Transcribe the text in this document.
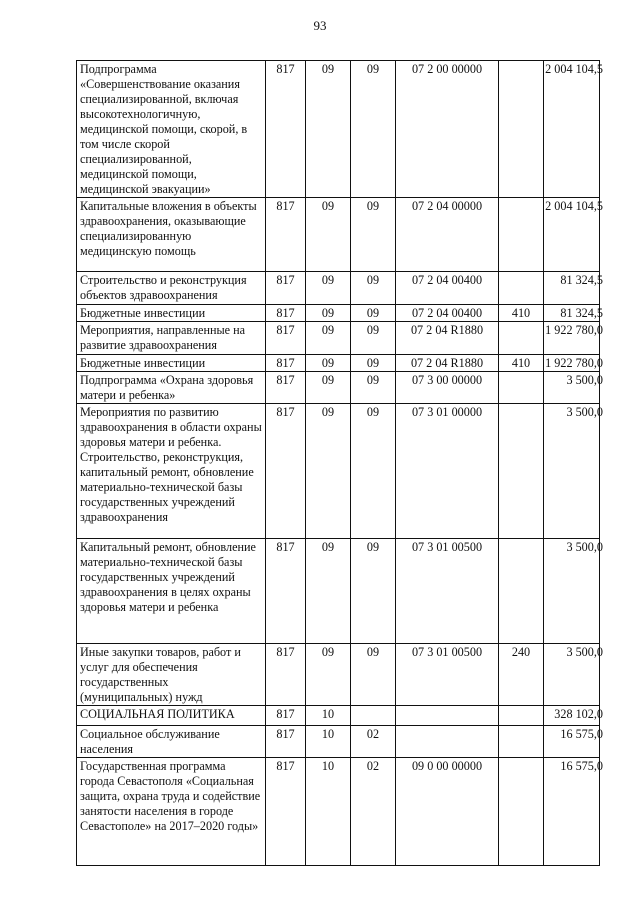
93
Подпрограмма «Совершенствование оказания специализированной, включая высокотехнологичную, медицинской помощи, скорой, в том числе скорой специализированной, медицинской помощи, медицинской эвакуации»	817	09	09	07 2 00 00000		2 004 104,5

Капитальные вложения в объекты здравоохранения, оказывающие специализированную медицинскую помощь	817	09	09	07 2 04 00000		2 004 104,5

Строительство и реконструкция объектов здравоохранения	817	09	09	07 2 04 00400		81 324,5

Бюджетные инвестиции	817	09	09	07 2 04 00400	410	81 324,5

Мероприятия, направленные на развитие здравоохранения	817	09	09	07 2 04 R1880		1 922 780,0

Бюджетные инвестиции	817	09	09	07 2 04 R1880	410	1 922 780,0

Подпрограмма «Охрана здоровья матери и ребенка»	817	09	09	07 3 00 00000		3 500,0

Мероприятия по развитию здравоохранения в области охраны здоровья матери и ребенка. Строительство, реконструкция, капитальный ремонт, обновление материально-технической базы государственных учреждений здравоохранения	817	09	09	07 3 01 00000		3 500,0

Капитальный ремонт, обновление материально-технической базы государственных учреждений здравоохранения в целях охраны здоровья матери и ребенка	817	09	09	07 3 01 00500		3 500,0

Иные закупки товаров, работ и услуг для обеспечения государственных (муниципальных) нужд	817	09	09	07 3 01 00500	240	3 500,0

СОЦИАЛЬНАЯ ПОЛИТИКА	817	10				328 102,0

Социальное обслуживание населения	817	10	02			16 575,0

Государственная программа города Севастополя «Социальная защита, охрана труда и содействие занятости населения в городе Севастополе» на 2017–2020 годы»	817	10	02	09 0 00 00000		16 575,0
